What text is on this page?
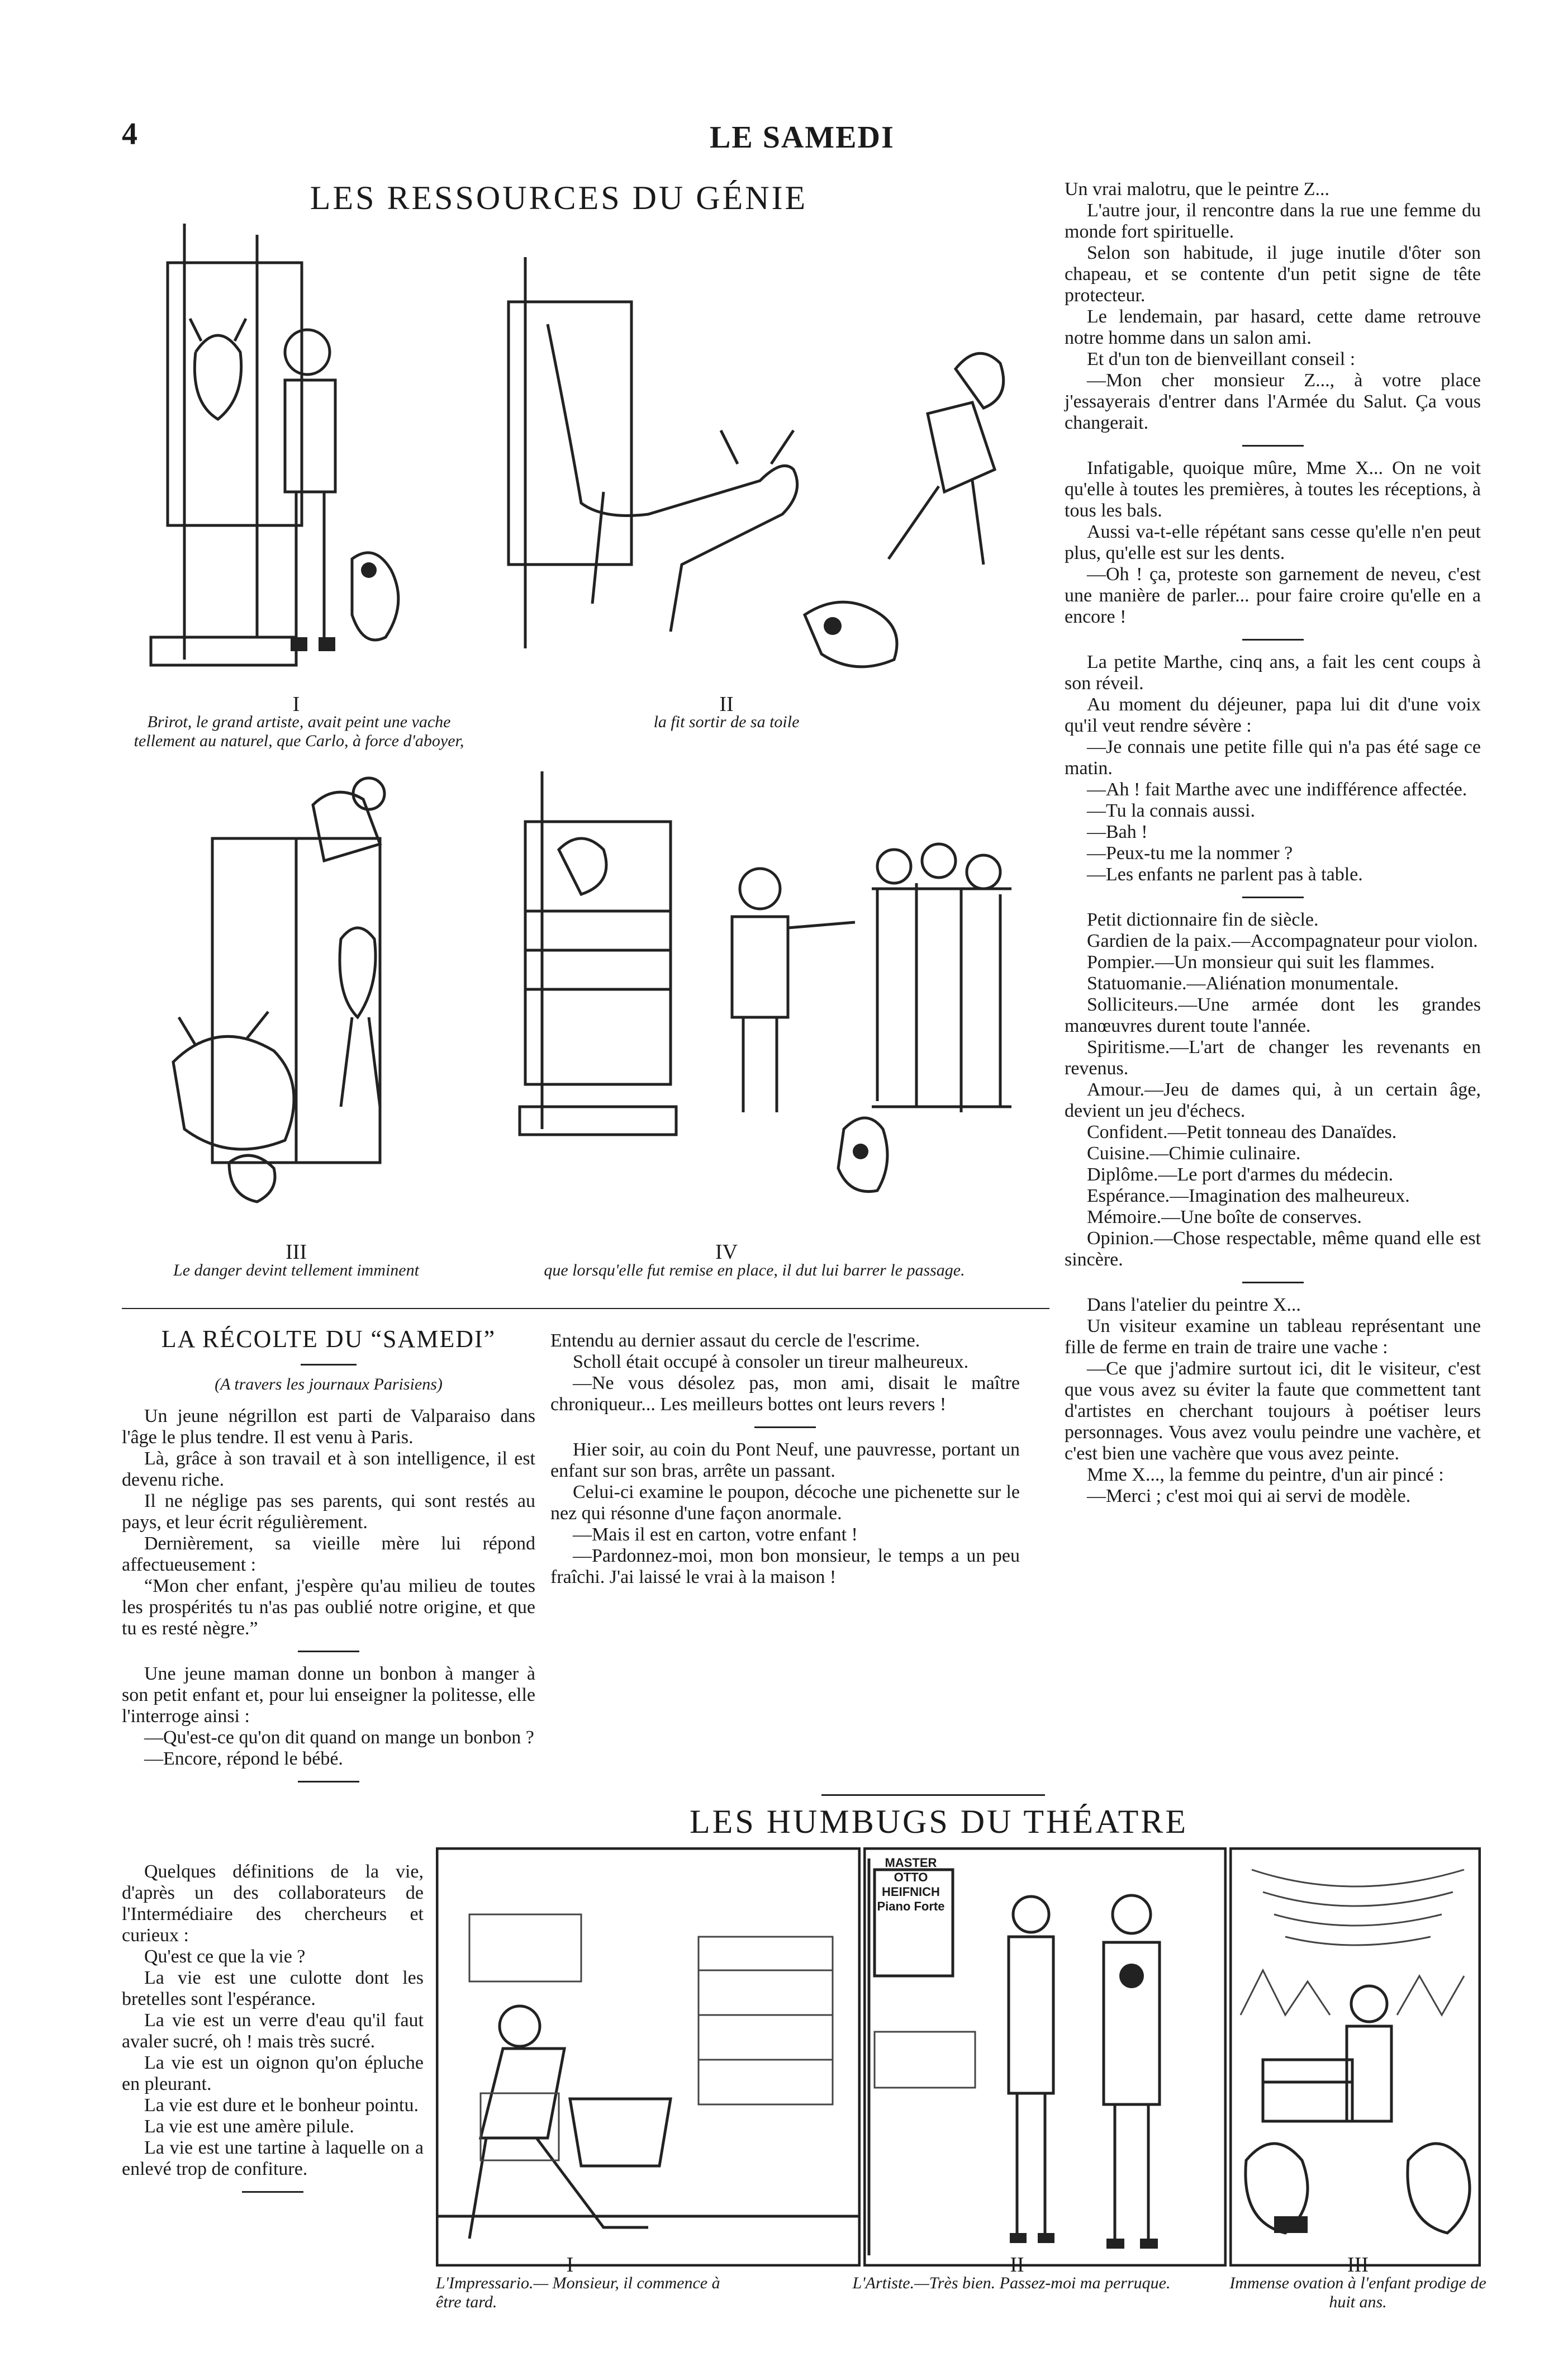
4	LE SAMEDI
LES RESSOURCES DU GÉNIE
I
Brirot, le grand artiste, avait peint une vache tellement au naturel, que Carlo, à force d'aboyer,
II
la fit sortir de sa toile
III
Le danger devint tellement imminent
IV
que lorsqu'elle fut remise en place, il dut lui barrer le passage.

Un vrai malotru, que le peintre Z...

L'autre jour, il rencontre dans la rue une femme du monde fort spirituelle.

Selon son habitude, il juge inutile d'ôter son chapeau, et se contente d'un petit signe de tête protecteur.

Le lendemain, par hasard, cette dame retrouve notre homme dans un salon ami.

Et d'un ton de bienveillant conseil :

—Mon cher monsieur Z..., à votre place j'essayerais d'entrer dans l'Armée du Salut. Ça vous changerait.

Infatigable, quoique mûre, Mme X... On ne voit qu'elle à toutes les premières, à toutes les réceptions, à tous les bals.

Aussi va-t-elle répétant sans cesse qu'elle n'en peut plus, qu'elle est sur les dents.

—Oh ! ça, proteste son garnement de neveu, c'est une manière de parler... pour faire croire qu'elle en a encore !

La petite Marthe, cinq ans, a fait les cent coups à son réveil.

Au moment du déjeuner, papa lui dit d'une voix qu'il veut rendre sévère :

—Je connais une petite fille qui n'a pas été sage ce matin.

—Ah ! fait Marthe avec une indifférence affectée.

—Tu la connais aussi.

—Bah !

—Peux-tu me la nommer ?

—Les enfants ne parlent pas à table.

Petit dictionnaire fin de siècle.

Gardien de la paix.—Accompagnateur pour violon.

Pompier.—Un monsieur qui suit les flammes.

Statuomanie.—Aliénation monumentale.

Solliciteurs.—Une armée dont les grandes manœuvres durent toute l'année.

Spiritisme.—L'art de changer les revenants en revenus.

Amour.—Jeu de dames qui, à un certain âge, devient un jeu d'échecs.

Confident.—Petit tonneau des Danaïdes.

Cuisine.—Chimie culinaire.

Diplôme.—Le port d'armes du médecin.

Espérance.—Imagination des malheureux.

Mémoire.—Une boîte de conserves.

Opinion.—Chose respectable, même quand elle est sincère.

Dans l'atelier du peintre X...

Un visiteur examine un tableau représentant une fille de ferme en train de traire une vache :

—Ce que j'admire surtout ici, dit le visiteur, c'est que vous avez su éviter la faute que commettent tant d'artistes en cherchant toujours à poétiser leurs personnages. Vous avez voulu peindre une vachère, et c'est bien une vachère que vous avez peinte.

Mme X..., la femme du peintre, d'un air pincé :

—Merci ; c'est moi qui ai servi de modèle.

LA RÉCOLTE DU “SAMEDI”
(A travers les journaux Parisiens)

Un jeune négrillon est parti de Valparaiso dans l'âge le plus tendre. Il est venu à Paris.

Là, grâce à son travail et à son intelligence, il est devenu riche.

Il ne néglige pas ses parents, qui sont restés au pays, et leur écrit régulièrement.

Dernièrement, sa vieille mère lui répond affectueusement :

“Mon cher enfant, j'espère qu'au milieu de toutes les prospérités tu n'as pas oublié notre origine, et que tu es resté nègre.”

Une jeune maman donne un bonbon à manger à son petit enfant et, pour lui enseigner la politesse, elle l'interroge ainsi :

—Qu'est-ce qu'on dit quand on mange un bonbon ?

—Encore, répond le bébé.

Entendu au dernier assaut du cercle de l'escrime.

Scholl était occupé à consoler un tireur malheureux.

—Ne vous désolez pas, mon ami, disait le maître chroniqueur... Les meilleurs bottes ont leurs revers !

Hier soir, au coin du Pont Neuf, une pauvresse, portant un enfant sur son bras, arrête un passant.

Celui-ci examine le poupon, décoche une pichenette sur le nez qui résonne d'une façon anormale.

—Mais il est en carton, votre enfant !

—Pardonnez-moi, mon bon monsieur, le temps a un peu fraîchi. J'ai laissé le vrai à la maison !

LES HUMBUGS DU THÉATRE

Quelques définitions de la vie, d'après un des collaborateurs de l'Intermédiaire des chercheurs et curieux :

Qu'est ce que la vie ?

La vie est une culotte dont les bretelles sont l'espérance.

La vie est un verre d'eau qu'il faut avaler sucré, oh ! mais très sucré.

La vie est un oignon qu'on épluche en pleurant.

La vie est dure et le bonheur pointu.

La vie est une amère pilule.

La vie est une tartine à laquelle on a enlevé trop de confiture.

I
L'Impressario.— Monsieur, il commence à être tard.
MASTER OTTO HEIFNICH Piano Forte
II
L'Artiste.—Très bien. Passez-moi ma perruque.
III
Immense ovation à l'enfant prodige de huit ans.
